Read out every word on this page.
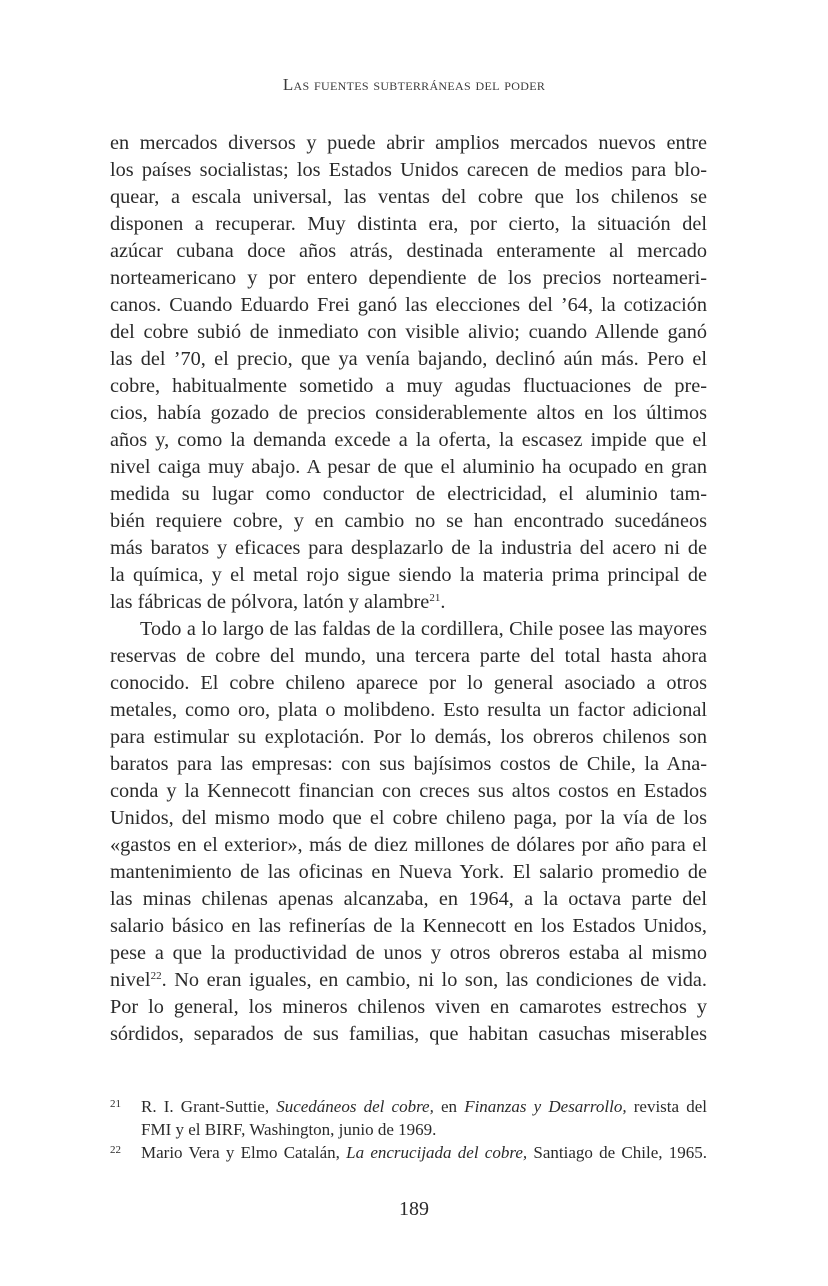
Las fuentes subterráneas del poder
en mercados diversos y puede abrir amplios mercados nuevos entre
los países socialistas; los Estados Unidos carecen de medios para blo-
quear, a escala universal, las ventas del cobre que los chilenos se
disponen a recuperar. Muy distinta era, por cierto, la situación del
azúcar cubana doce años atrás, destinada enteramente al mercado
norteamericano y por entero dependiente de los precios norteameri-
canos. Cuando Eduardo Frei ganó las elecciones del ’64, la cotización
del cobre subió de inmediato con visible alivio; cuando Allende ganó
las del ’70, el precio, que ya venía bajando, declinó aún más. Pero el
cobre, habitualmente sometido a muy agudas fluctuaciones de pre-
cios, había gozado de precios considerablemente altos en los últimos
años y, como la demanda excede a la oferta, la escasez impide que el
nivel caiga muy abajo. A pesar de que el aluminio ha ocupado en gran
medida su lugar como conductor de electricidad, el aluminio tam-
bién requiere cobre, y en cambio no se han encontrado sucedáneos
más baratos y eficaces para desplazarlo de la industria del acero ni de
la química, y el metal rojo sigue siendo la materia prima principal de
las fábricas de pólvora, latón y alambre$^{21}$.
Todo a lo largo de las faldas de la cordillera, Chile posee las mayores
reservas de cobre del mundo, una tercera parte del total hasta ahora
conocido. El cobre chileno aparece por lo general asociado a otros
metales, como oro, plata o molibdeno. Esto resulta un factor adicional
para estimular su explotación. Por lo demás, los obreros chilenos son
baratos para las empresas: con sus bajísimos costos de Chile, la Ana-
conda y la Kennecott financian con creces sus altos costos en Estados
Unidos, del mismo modo que el cobre chileno paga, por la vía de los
«gastos en el exterior», más de diez millones de dólares por año para el
mantenimiento de las oficinas en Nueva York. El salario promedio de
las minas chilenas apenas alcanzaba, en 1964, a la octava parte del
salario básico en las refinerías de la Kennecott en los Estados Unidos,
pese a que la productividad de unos y otros obreros estaba al mismo
nivel$^{22}$. No eran iguales, en cambio, ni lo son, las condiciones de vida.
Por lo general, los mineros chilenos viven en camarotes estrechos y
sórdidos, separados de sus familias, que habitan casuchas miserables
21 R. I. Grant-Suttie, Sucedáneos del cobre, en Finanzas y Desarrollo, revista del
FMI y el BIRF, Washington, junio de 1969.
22 Mario Vera y Elmo Catalán, La encrucijada del cobre, Santiago de Chile, 1965.
189
